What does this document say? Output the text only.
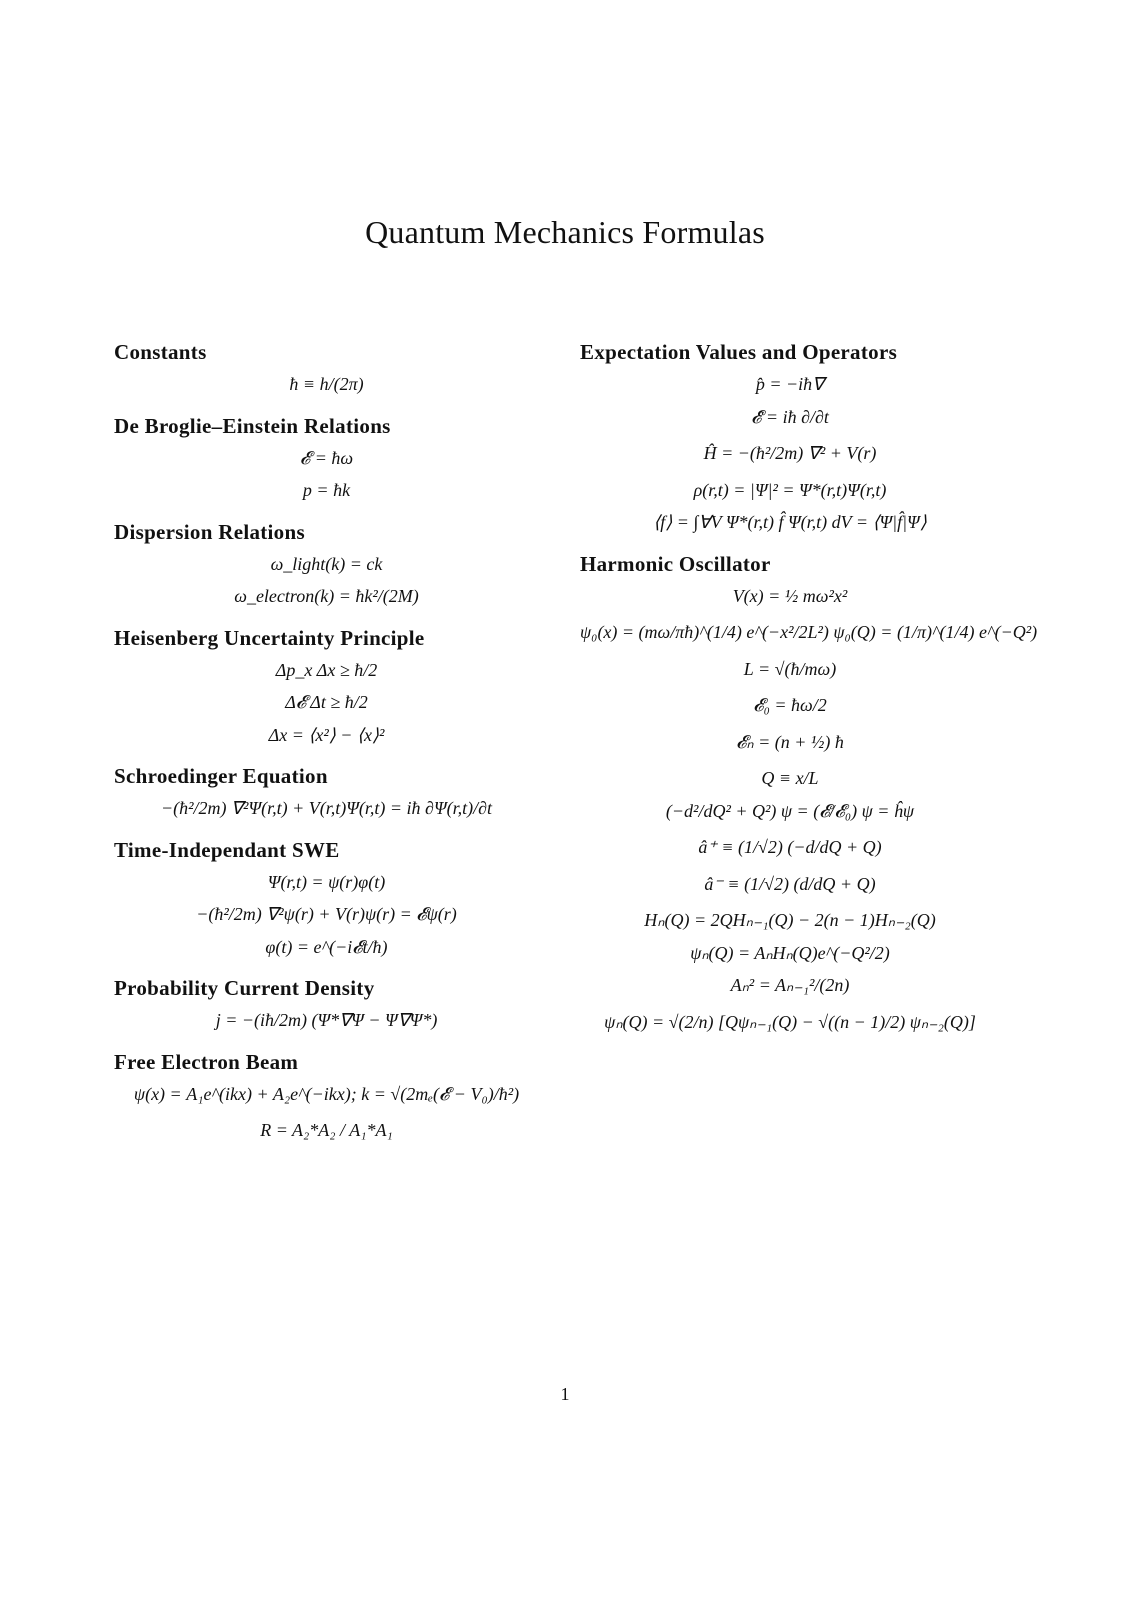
Quantum Mechanics Formulas
Constants
ħ ≡ h/(2π)
De Broglie–Einstein Relations
𝓔 = ħω
p = ħk
Dispersion Relations
ω_light(k) = ck
ω_electron(k) = ħk²/(2M)
Heisenberg Uncertainty Principle
Δp_x Δx ≥ ħ/2
Δ𝓔 Δt ≥ ħ/2
Δx = ⟨x²⟩ − ⟨x⟩²
Schroedinger Equation
−(ħ²/2m) ∇²Ψ(r,t) + V(r,t)Ψ(r,t) = iħ ∂Ψ(r,t)/∂t
Time-Independant SWE
Ψ(r,t) = ψ(r)φ(t)
−(ħ²/2m) ∇²ψ(r) + V(r)ψ(r) = 𝓔ψ(r)
φ(t) = e^(−i𝓔t/ħ)
Probability Current Density
j = −(iħ/2m) (Ψ*∇Ψ − Ψ∇Ψ*)
Free Electron Beam
ψ(x) = A₁e^(ikx) + A₂e^(−ikx); k = √(2mₑ(𝓔 − V₀)/ħ²)
R = A₂*A₂ / A₁*A₁
Expectation Values and Operators
p̂ = −iħ∇
𝓔̂ = iħ ∂/∂t
Ĥ = −(ħ²/2m) ∇² + V(r)
ρ(r,t) = |Ψ|² = Ψ*(r,t)Ψ(r,t)
⟨f⟩ = ∫∀V Ψ*(r,t) f̂ Ψ(r,t) dV = ⟨Ψ|f̂|Ψ⟩
Harmonic Oscillator
V(x) = ½ mω²x²
ψ₀(x) = (mω/πħ)^(1/4) e^(−x²/2L²) ψ₀(Q) = (1/π)^(1/4) e^(−Q²)
L = √(ħ/mω)
𝓔₀ = ħω/2
𝓔ₙ = (n + ½) ħ
Q ≡ x/L
(−d²/dQ² + Q²) ψ = (𝓔/𝓔₀) ψ = ĥψ
â⁺ ≡ (1/√2) (−d/dQ + Q)
â⁻ ≡ (1/√2) (d/dQ + Q)
Hₙ(Q) = 2QHₙ₋₁(Q) − 2(n − 1)Hₙ₋₂(Q)
ψₙ(Q) = AₙHₙ(Q)e^(−Q²/2)
Aₙ² = Aₙ₋₁²/(2n)
ψₙ(Q) = √(2/n) [Qψₙ₋₁(Q) − √((n − 1)/2) ψₙ₋₂(Q)]
1
